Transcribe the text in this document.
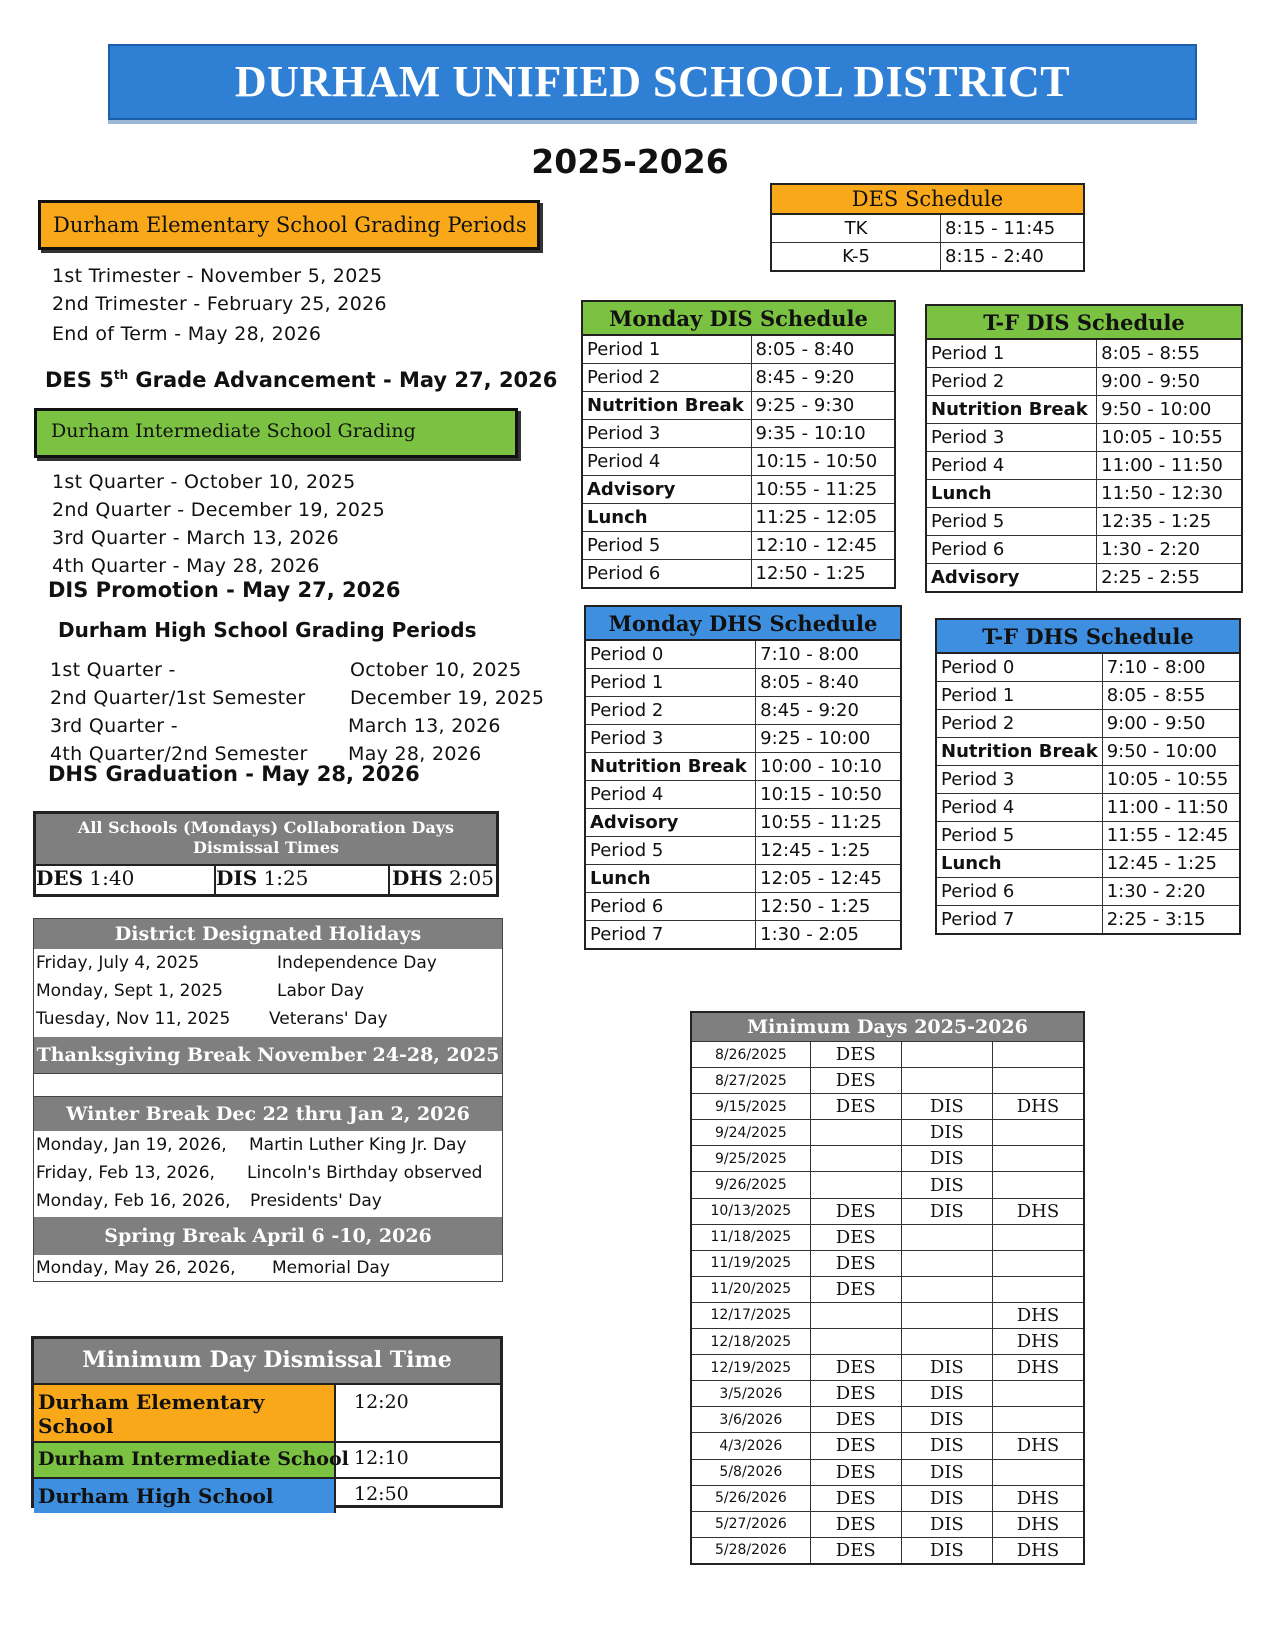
DURHAM UNIFIED SCHOOL DISTRICT
2025-2026
Durham Elementary School Grading Periods
1st Trimester - November 5, 2025
2nd Trimester - February 25, 2026
End of Term - May 28, 2026
DES 5th Grade Advancement - May 27, 2026
Durham Intermediate School Grading
1st Quarter - October 10, 2025
2nd Quarter - December 19, 2025
3rd Quarter - March 13, 2026
4th Quarter - May 28, 2026
DIS Promotion - May 27, 2026
Durham High School Grading Periods
1st Quarter -	October 10, 2025
2nd Quarter/1st Semester December 19, 2025
3rd Quarter -	March 13, 2026
4th Quarter/2nd Semester May 28, 2026
DHS Graduation - May 28, 2026
All Schools (Mondays) Collaboration Days Dismissal Times
DES 1:40	DIS 1:25	DHS 2:05
District Designated Holidays
Friday, July 4, 2025	Independence Day
Monday, Sept 1, 2025	Labor Day
Tuesday, Nov 11, 2025 Veterans' Day
Thanksgiving Break November 24-28, 2025
Winter Break Dec 22 thru Jan 2, 2026
Monday, Jan 19, 2026, Martin Luther King Jr. Day
Friday, Feb 13, 2026, Lincoln's Birthday observed
Monday, Feb 16, 2026, Presidents' Day
Spring Break April 6 -10, 2026
Monday, May 26, 2026, Memorial Day
Minimum Day Dismissal Time
Durham Elementary School
12:20
Durham Intermediate School 12:10
Durham High School	12:50
DES Schedule	
TK	8:15 - 11:45
K-5	8:15 - 2:40
Monday DIS Schedule	
Period 1	8:05 - 8:40
Period 2	8:45 - 9:20
Nutrition Break	9:25 - 9:30
Period 3	9:35 - 10:10
Period 4	10:15 - 10:50
Advisory	10:55 - 11:25
Lunch	11:25 - 12:05
Period 5	12:10 - 12:45
Period 6	12:50 - 1:25
T-F DIS Schedule	
Period 1	8:05 - 8:55
Period 2	9:00 - 9:50
Nutrition Break	9:50 - 10:00
Period 3	10:05 - 10:55
Period 4	11:00 - 11:50
Lunch	11:50 - 12:30
Period 5	12:35 - 1:25
Period 6	1:30 - 2:20
Advisory	2:25 - 2:55
Monday DHS Schedule	
Period 0	7:10 - 8:00
Period 1	8:05 - 8:40
Period 2	8:45 - 9:20
Period 3	9:25 - 10:00
Nutrition Break	10:00 - 10:10
Period 4	10:15 - 10:50
Advisory	10:55 - 11:25
Period 5	12:45 - 1:25
Lunch	12:05 - 12:45
Period 6	12:50 - 1:25
Period 7	1:30 - 2:05
T-F DHS Schedule	
Period 0	7:10 - 8:00
Period 1	8:05 - 8:55
Period 2	9:00 - 9:50
Nutrition Break	9:50 - 10:00
Period 3	10:05 - 10:55
Period 4	11:00 - 11:50
Period 5	11:55 - 12:45
Lunch	12:45 - 1:25
Period 6	1:30 - 2:20
Period 7	2:25 - 3:15
Minimum Days 2025-2026			
8/26/2025	DES		
8/27/2025	DES		
9/15/2025	DES	DIS	DHS
9/24/2025		DIS	
9/25/2025		DIS	
9/26/2025		DIS	
10/13/2025	DES	DIS	DHS
11/18/2025	DES		
11/19/2025	DES		
11/20/2025	DES		
12/17/2025			DHS
12/18/2025			DHS
12/19/2025	DES	DIS	DHS
3/5/2026	DES	DIS	
3/6/2026	DES	DIS	
4/3/2026	DES	DIS	DHS
5/8/2026	DES	DIS	
5/26/2026	DES	DIS	DHS
5/27/2026	DES	DIS	DHS
5/28/2026	DES	DIS	DHS
